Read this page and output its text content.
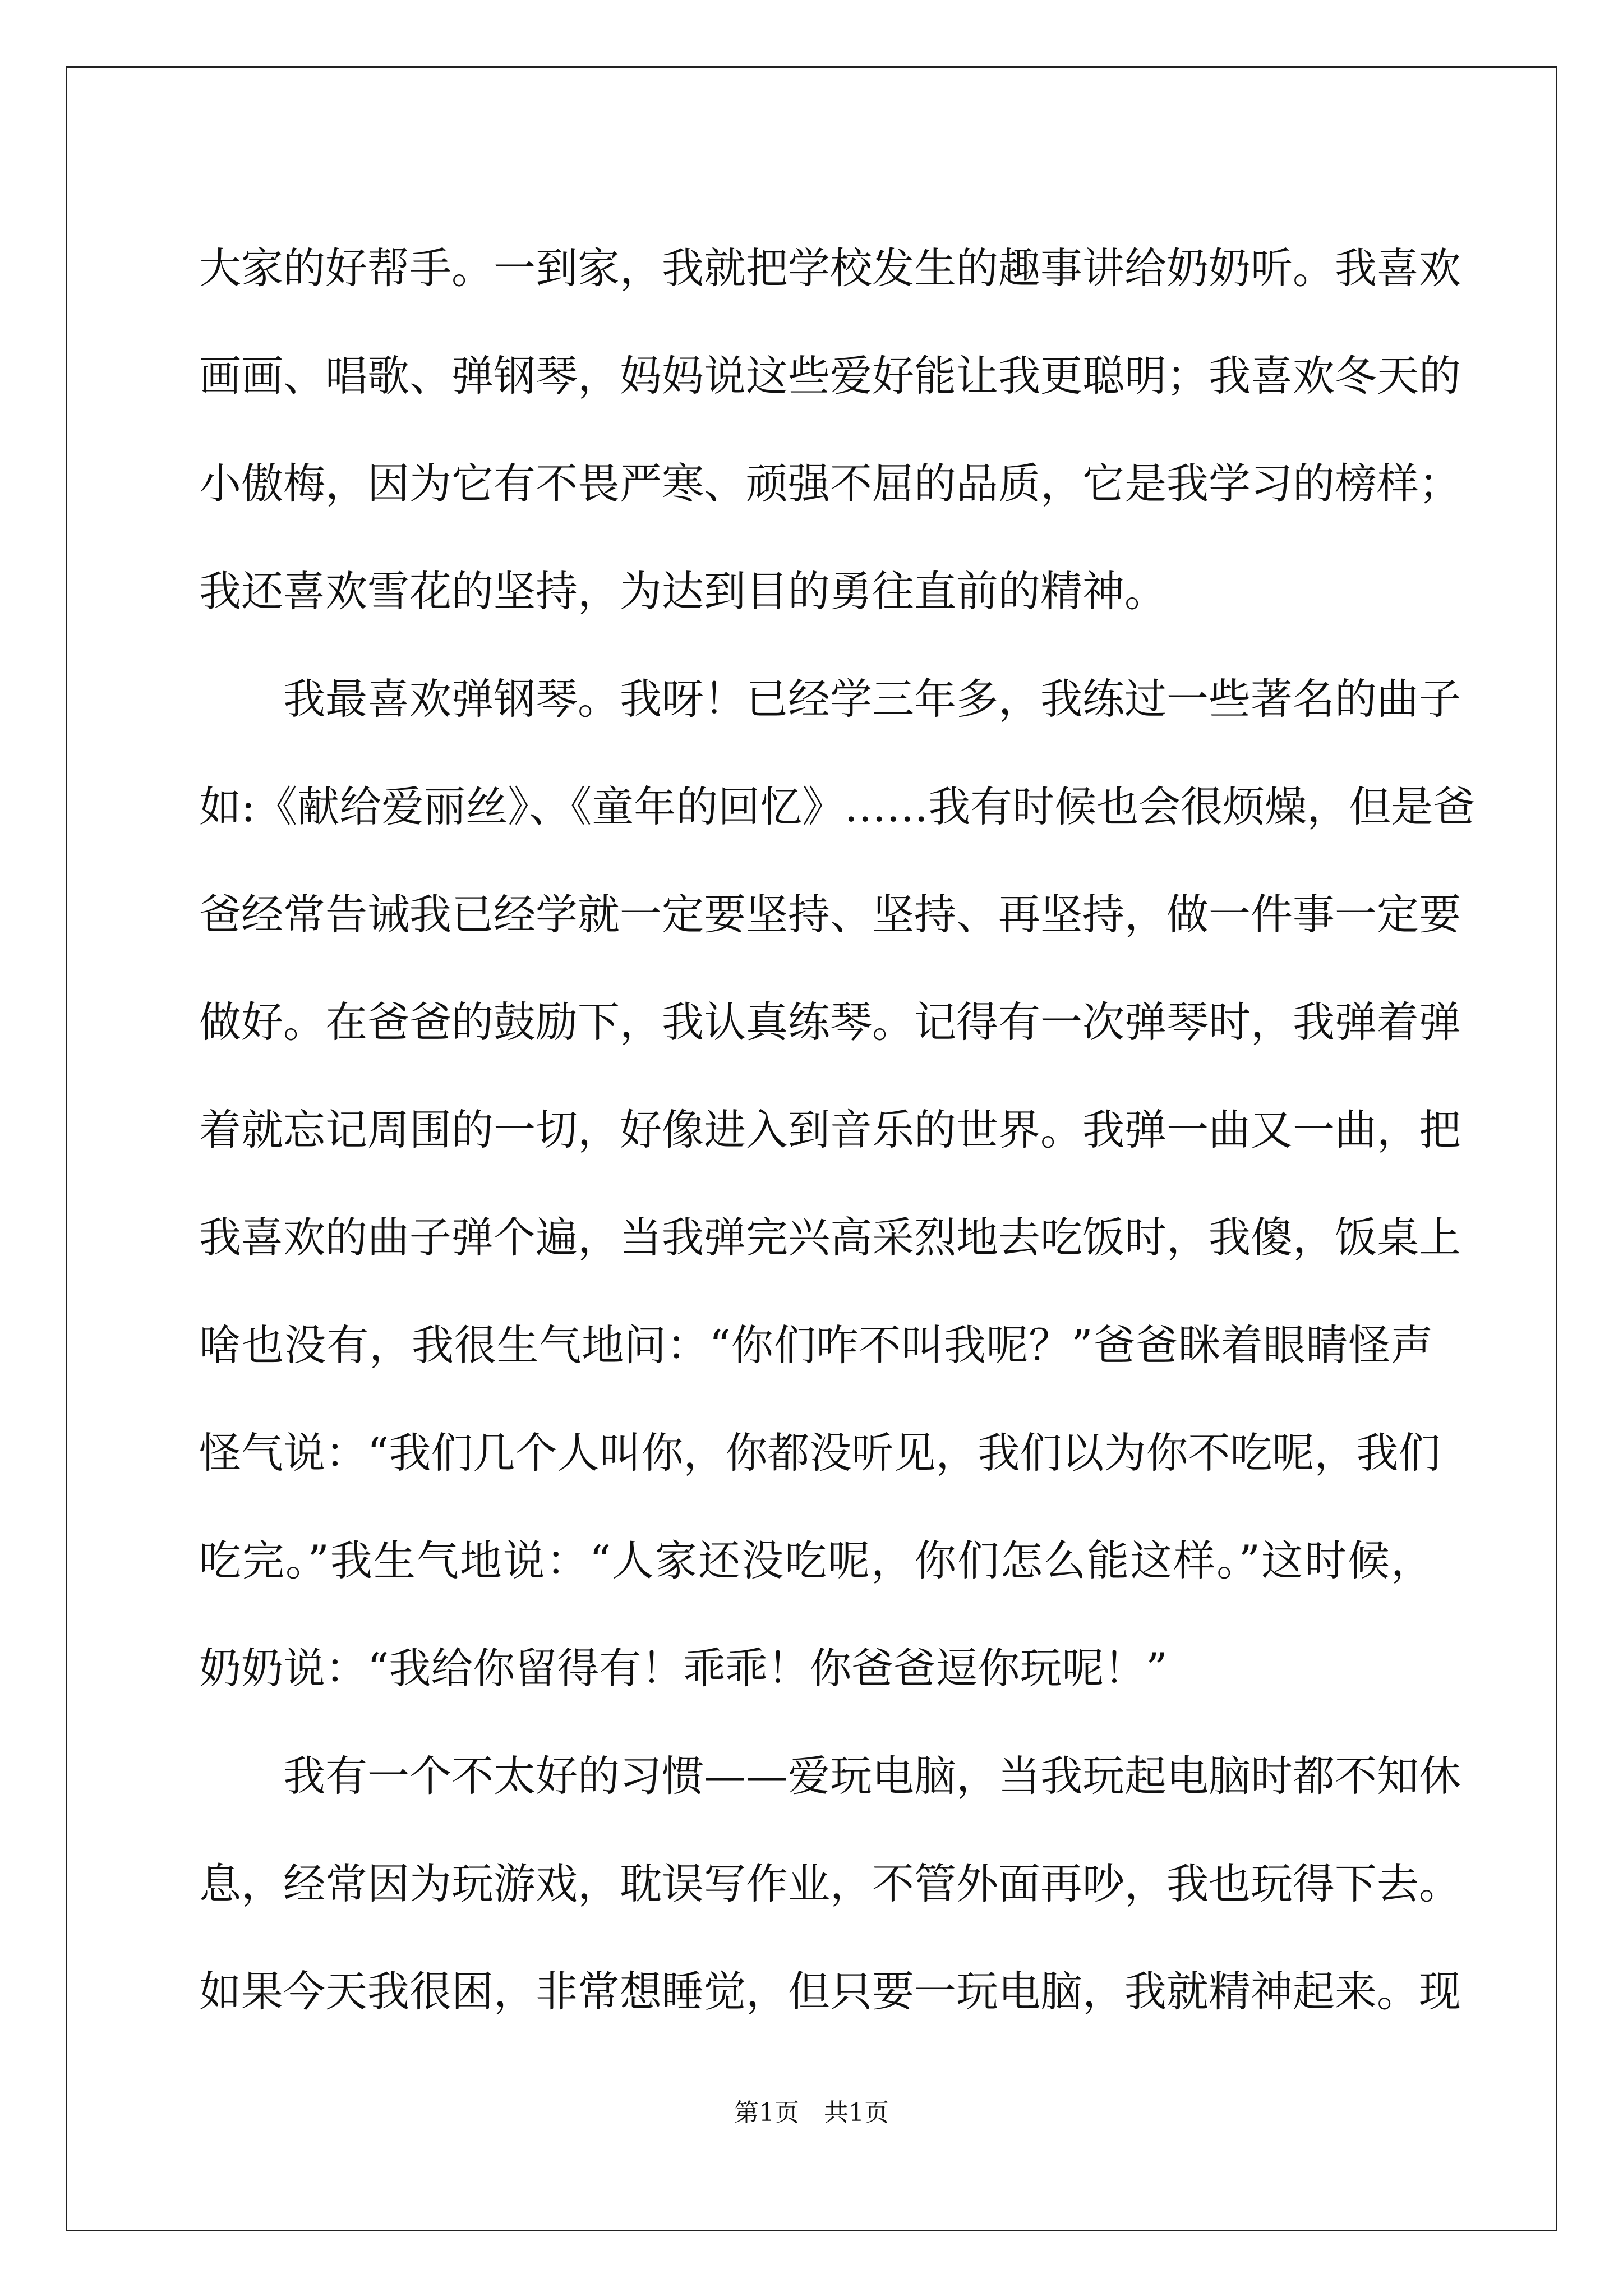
大家的好帮手。一到家，我就把学校发生的趣事讲给奶奶听。我喜欢
画画、唱歌、弹钢琴，妈妈说这些爱好能让我更聪明；我喜欢冬天的
小傲梅，因为它有不畏严寒、顽强不屈的品质，它是我学习的榜样；
我还喜欢雪花的坚持，为达到目的勇往直前的精神。
我最喜欢弹钢琴。我呀！已经学三年多，我练过一些著名的曲子
如:《献给爱丽丝》、《童年的回忆》……我有时候也会很烦燥，但是爸
爸经常告诫我已经学就一定要坚持、坚持、再坚持，做一件事一定要
做好。在爸爸的鼓励下，我认真练琴。记得有一次弹琴时，我弹着弹
着就忘记周围的一切，好像进入到音乐的世界。我弹一曲又一曲，把
我喜欢的曲子弹个遍，当我弹完兴高采烈地去吃饭时，我傻，饭桌上
啥也没有，我很生气地问：“你们咋不叫我呢？”爸爸眯着眼睛怪声
怪气说：“我们几个人叫你，你都没听见，我们以为你不吃呢，我们
吃完。”我生气地说：“人家还没吃呢，你们怎么能这样。”这时候，
奶奶说：“我给你留得有！乖乖！你爸爸逗你玩呢！”
我有一个不太好的习惯——爱玩电脑，当我玩起电脑时都不知休
息，经常因为玩游戏，耽误写作业，不管外面再吵，我也玩得下去。
如果今天我很困，非常想睡觉，但只要一玩电脑，我就精神起来。现
第1页　共1页
